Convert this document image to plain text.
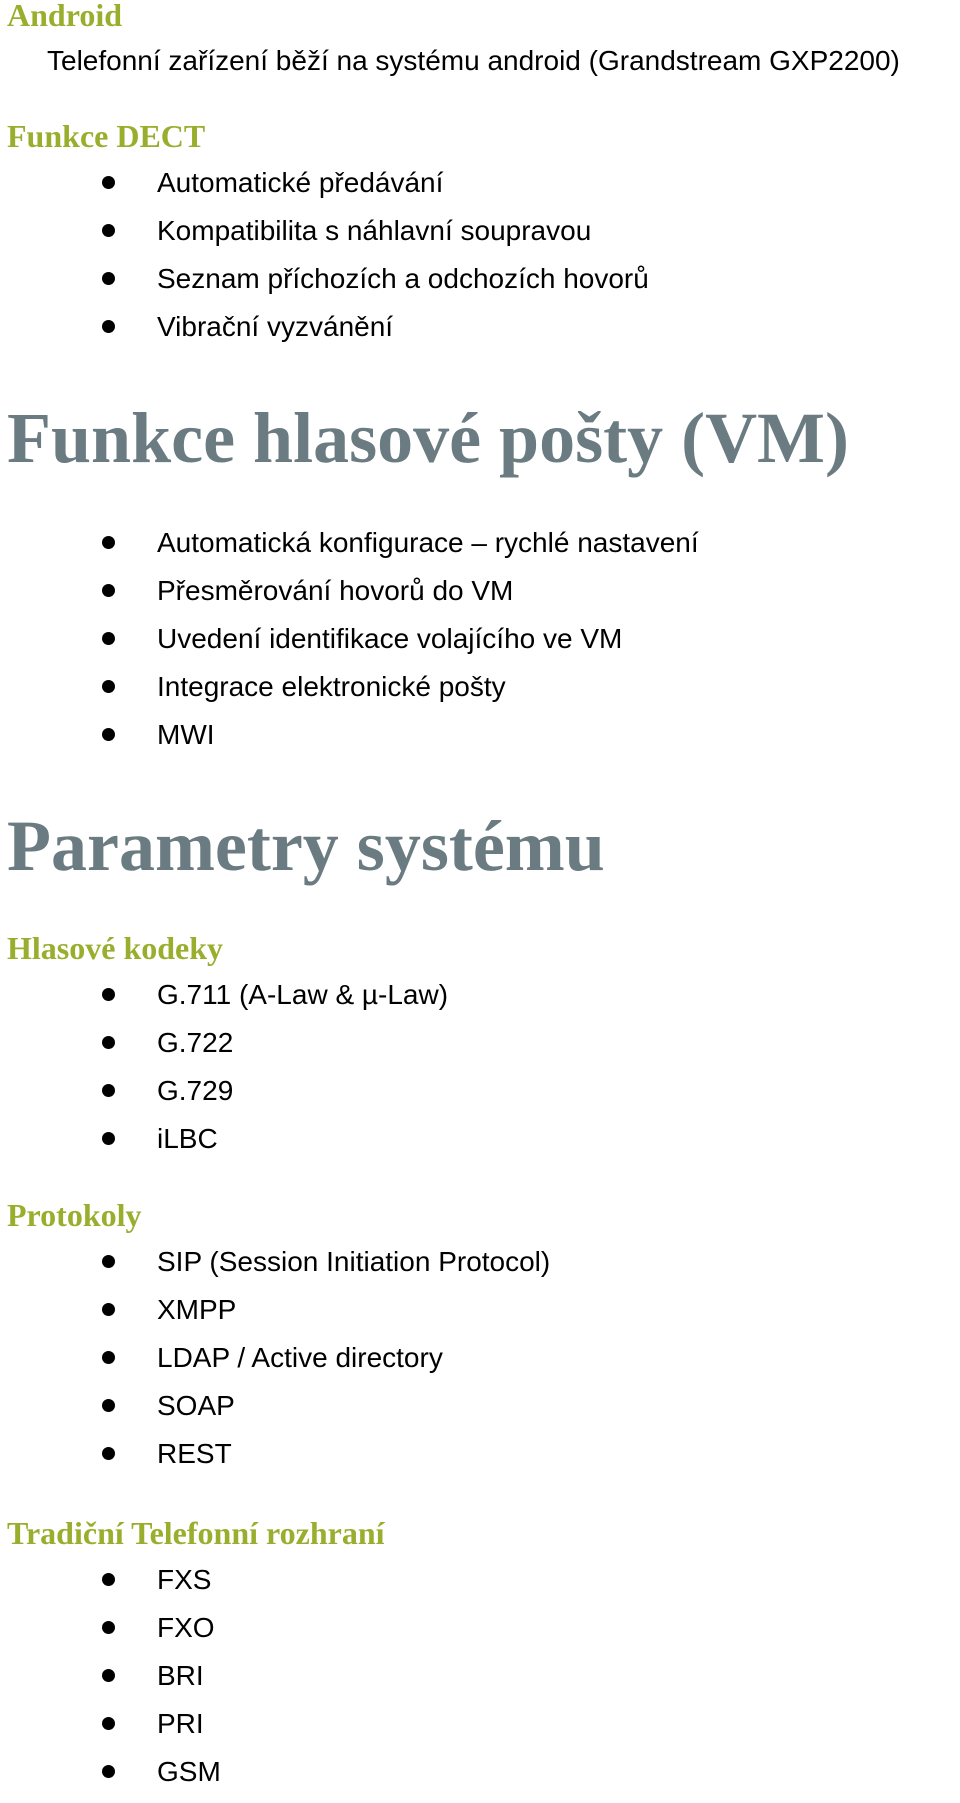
Android
Telefonní zařízení běží na systému android (Grandstream GXP2200)
Funkce DECT
Automatické předávání
Kompatibilita s náhlavní soupravou
Seznam příchozích a odchozích hovorů
Vibrační vyzvánění
Funkce hlasové pošty (VM)
Automatická konfigurace – rychlé nastavení
Přesměrování hovorů do VM
Uvedení identifikace volajícího ve VM
Integrace elektronické pošty
MWI
Parametry systému
Hlasové kodeky
G.711 (A-Law & µ-Law)
G.722
G.729
iLBC
Protokoly
SIP (Session Initiation Protocol)
XMPP
LDAP / Active directory
SOAP
REST
Tradiční Telefonní rozhraní
FXS
FXO
BRI
PRI
GSM
